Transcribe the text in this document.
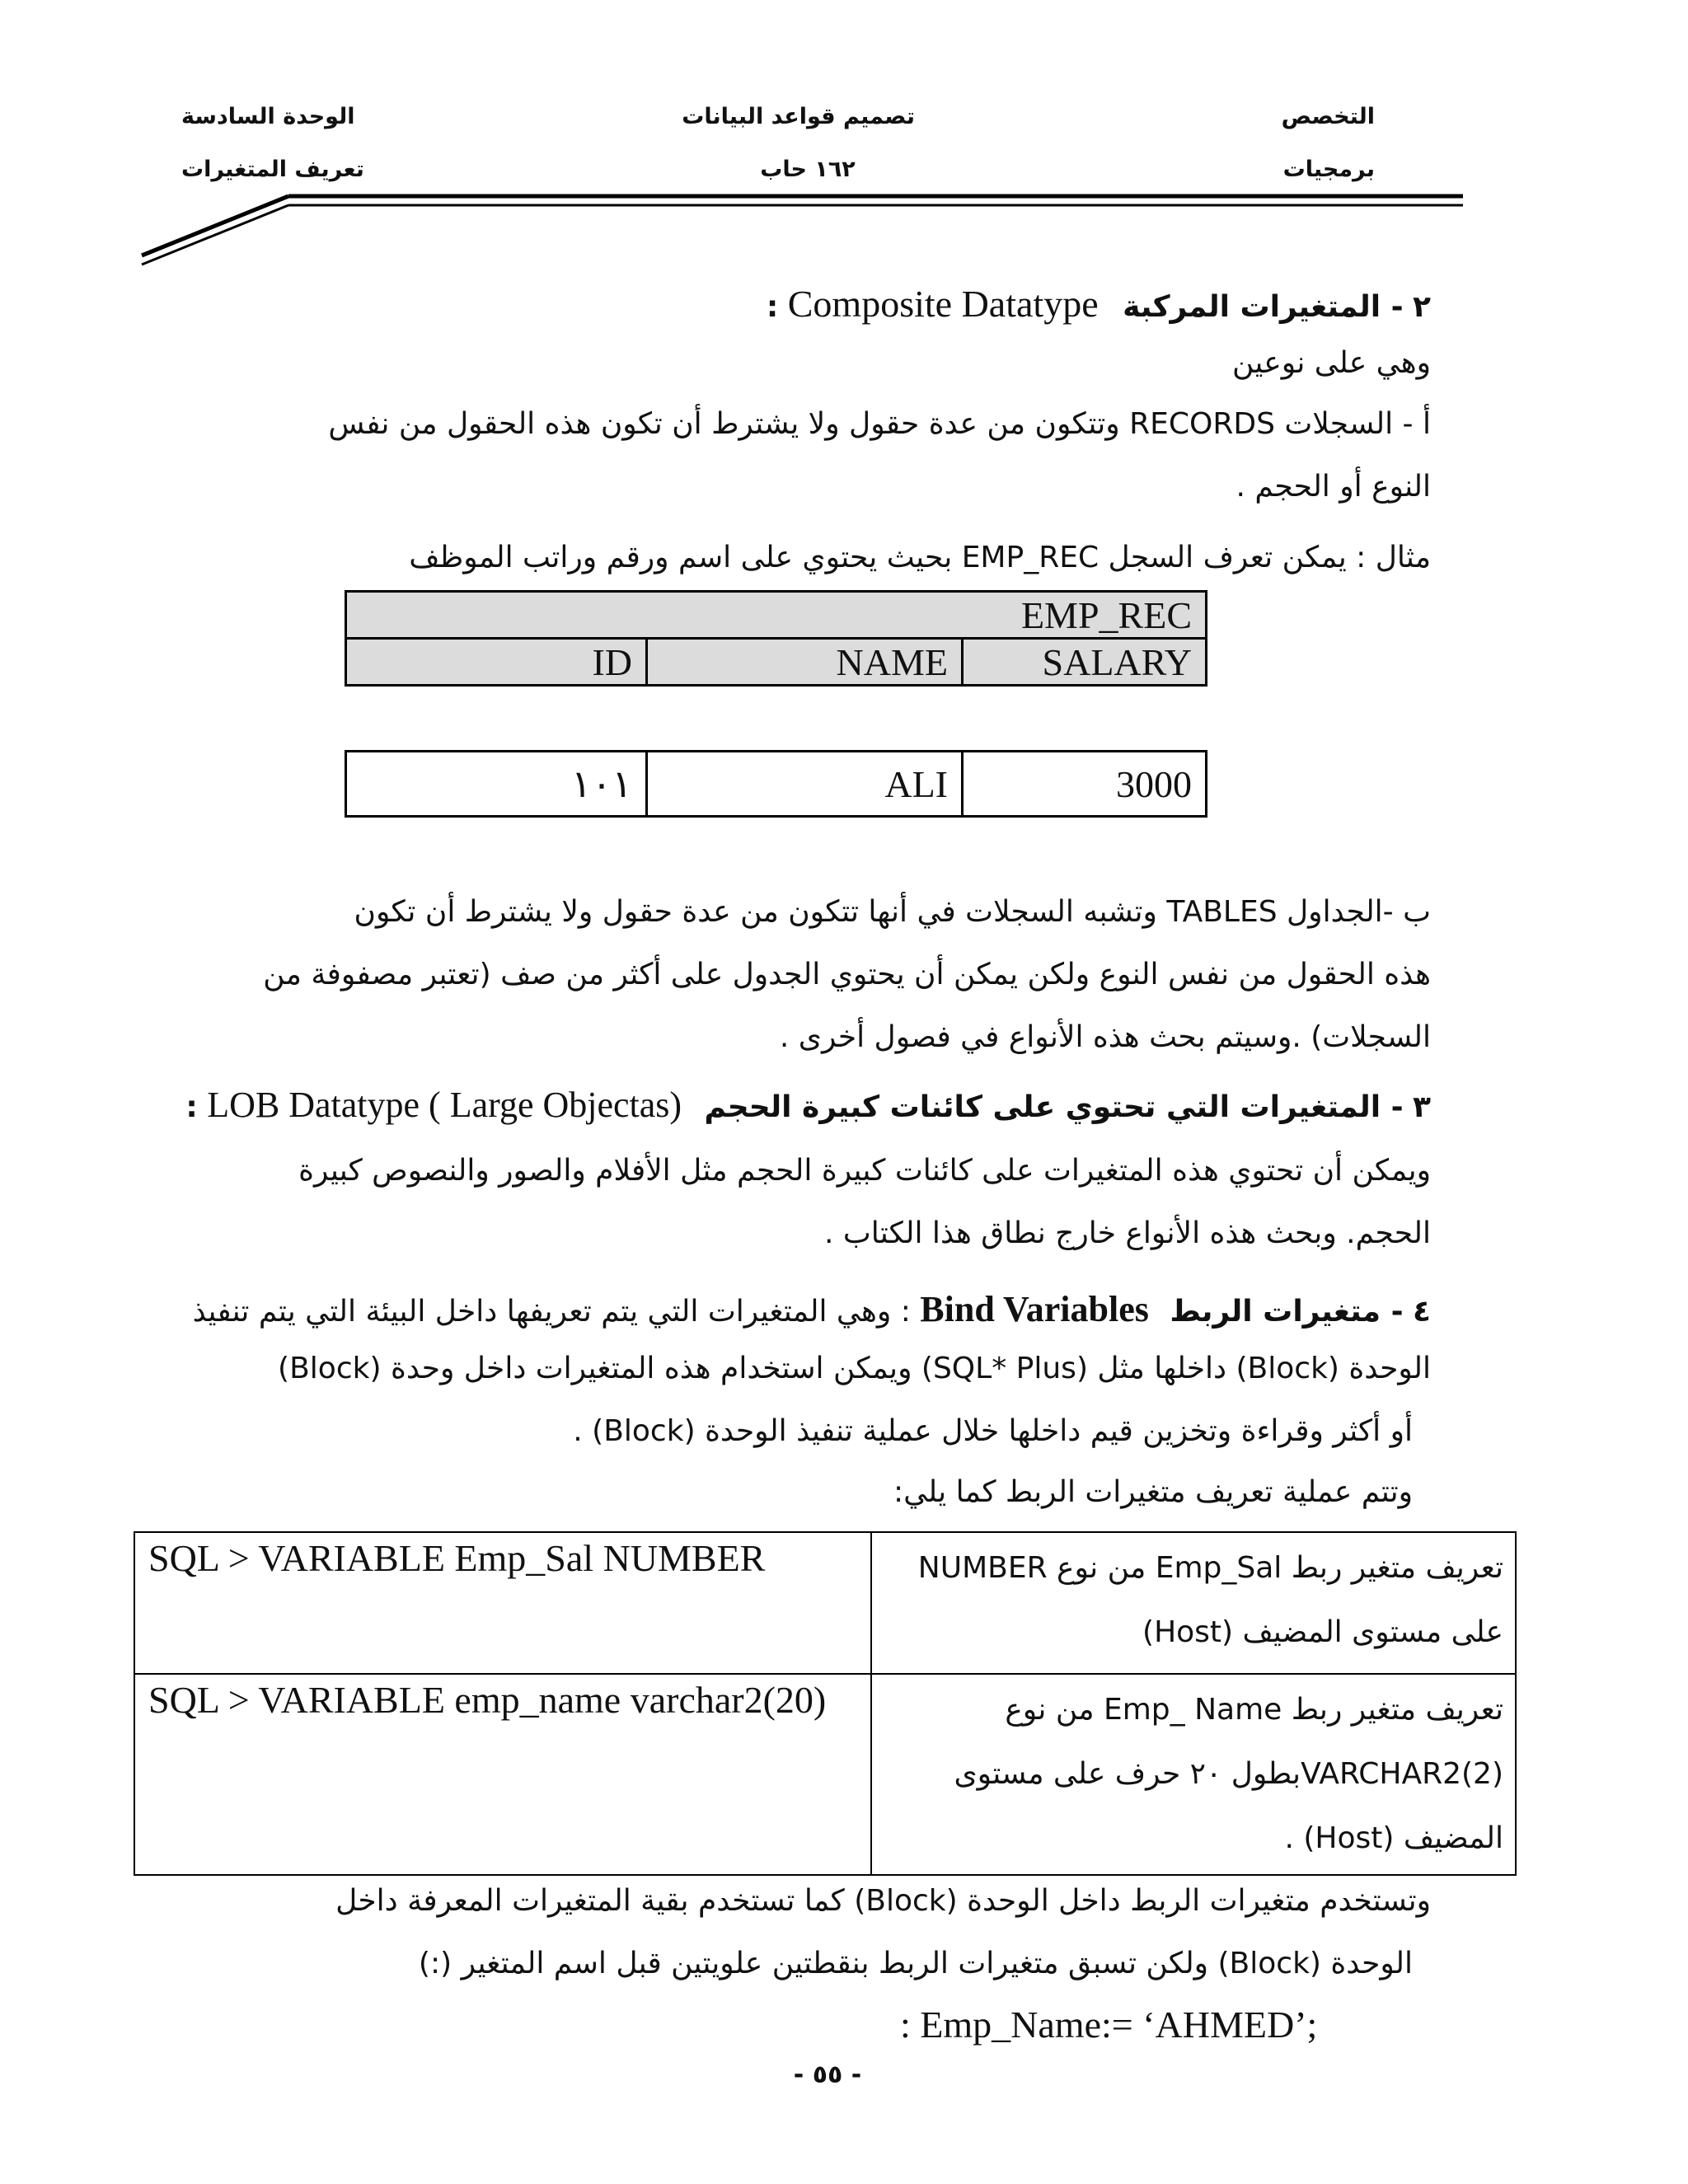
التخصص
برمجيات
تصميم قواعد البيانات
١٦٢ حاب
الوحدة السادسة
تعريف المتغيرات
٢ - المتغيرات المركبة Composite Datatype :
وهي على نوعين
أ - السجلات RECORDS وتتكون من عدة حقول ولا يشترط أن تكون هذه الحقول من نفس
النوع أو الحجم .
مثال : يمكن تعرف السجل EMP_REC بحيث يحتوي على اسم ورقم وراتب الموظف
EMP_REC
ID	NAME	SALARY
١٠١	ALI	3000
ب -الجداول TABLES وتشبه السجلات في أنها تتكون من عدة حقول ولا يشترط أن تكون
هذه الحقول من نفس النوع ولكن يمكن أن يحتوي الجدول على أكثر من صف (تعتبر مصفوفة من
السجلات) .وسيتم بحث هذه الأنواع في فصول أخرى .
٣ - المتغيرات التي تحتوي على كائنات كبيرة الحجم LOB Datatype ( Large Objectas) :
ويمكن أن تحتوي هذه المتغيرات على كائنات كبيرة الحجم مثل الأفلام والصور والنصوص كبيرة
الحجم. وبحث هذه الأنواع خارج نطاق هذا الكتاب .
٤ - متغيرات الربط Bind Variables : وهي المتغيرات التي يتم تعريفها داخل البيئة التي يتم تنفيذ
الوحدة (Block) داخلها مثل (SQL* Plus) ويمكن استخدام هذه المتغيرات داخل وحدة (Block)
أو أكثر وقراءة وتخزين قيم داخلها خلال عملية تنفيذ الوحدة (Block) .
وتتم عملية تعريف متغيرات الربط كما يلي:
SQL > VARIABLE Emp_Sal NUMBER	تعريف متغير ربط Emp_Sal من نوع NUMBER على مستوى المضيف (Host)
SQL > VARIABLE emp_name varchar2(20)	تعريف متغير ربط Emp_ Name من نوع VARCHAR2(2)بطول ٢٠ حرف على مستوى المضيف (Host) .
وتستخدم متغيرات الربط داخل الوحدة (Block) كما تستخدم بقية المتغيرات المعرفة داخل
الوحدة (Block) ولكن تسبق متغيرات الربط بنقطتين علويتين قبل اسم المتغير (:)
: Emp_Name:= ‘AHMED’;
- ٥٥ -
